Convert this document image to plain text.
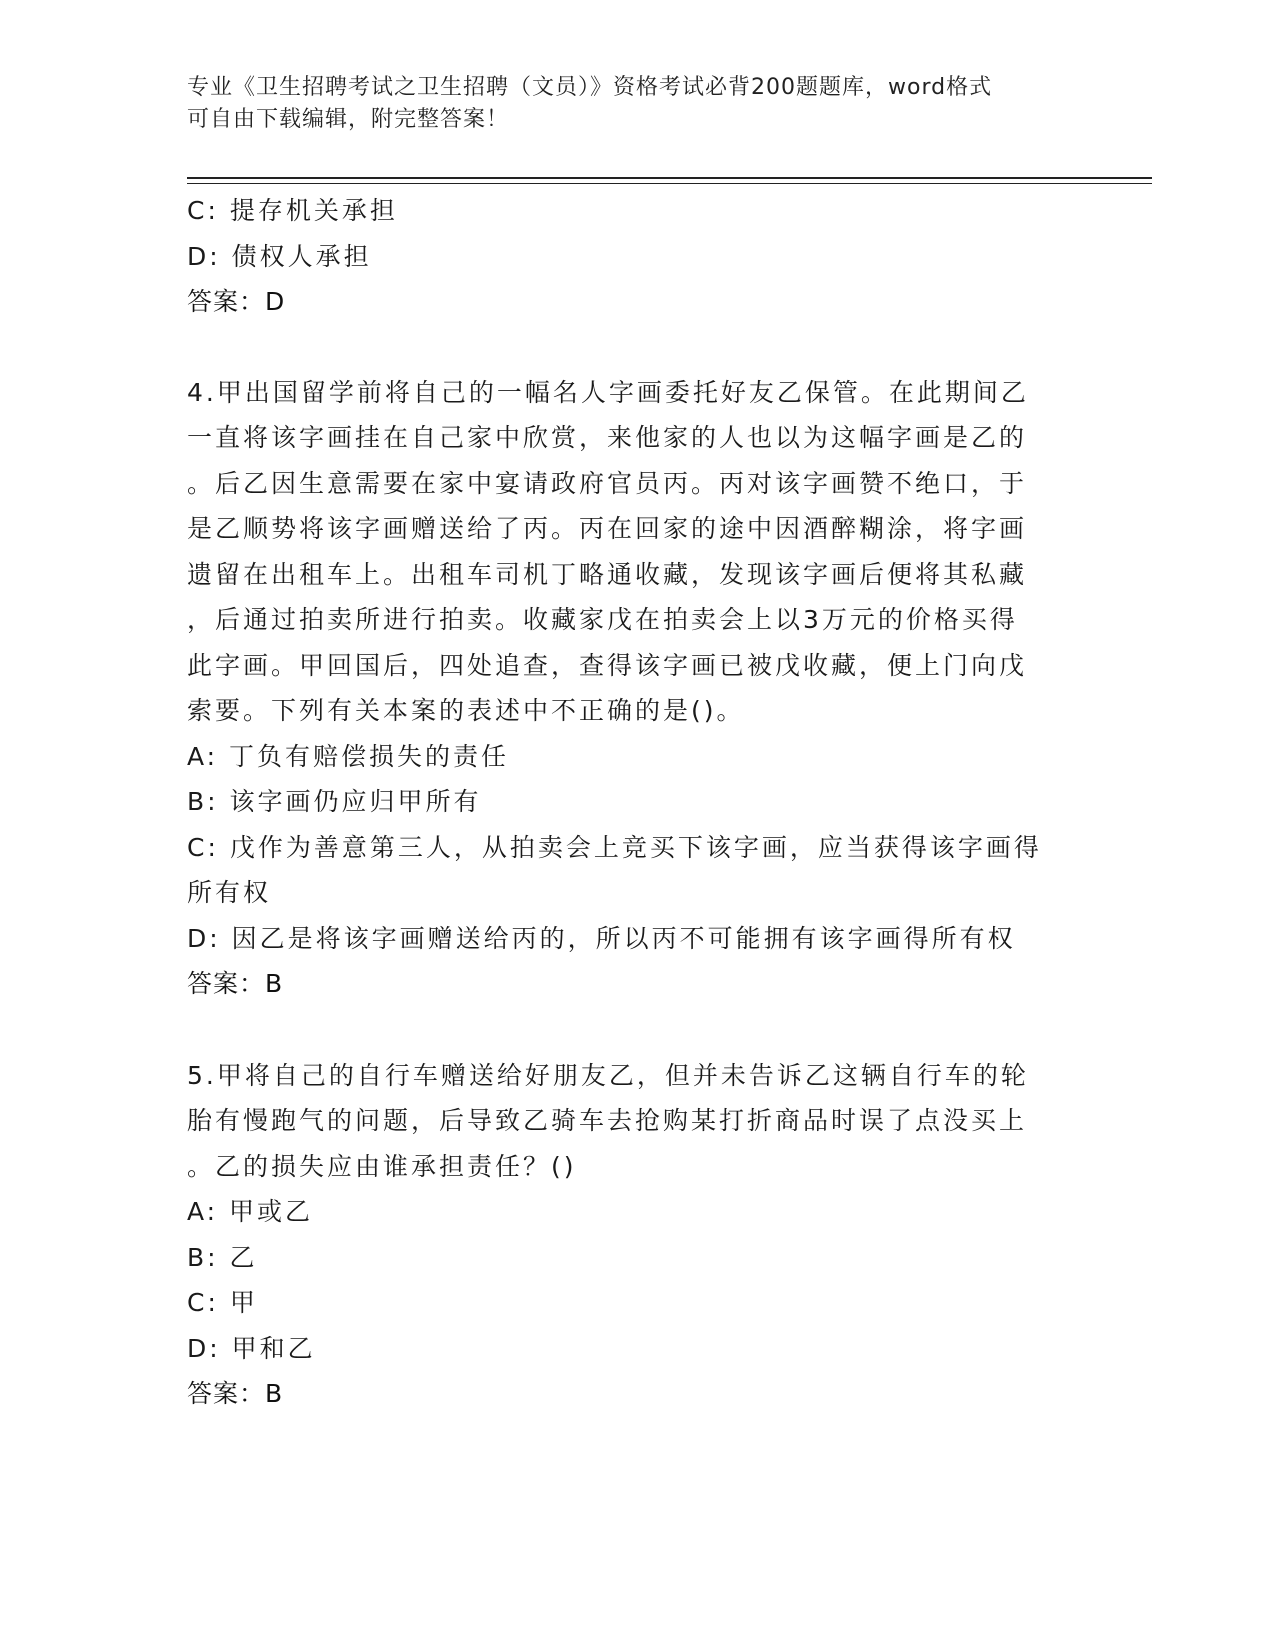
专业《卫生招聘考试之卫生招聘（文员）》资格考试必背200题题库，word格式
可自由下载编辑，附完整答案！
C: 提存机关承担
D: 债权人承担
答案：D
4.甲出国留学前将自己的一幅名人字画委托好友乙保管。在此期间乙
一直将该字画挂在自己家中欣赏，来他家的人也以为这幅字画是乙的
。后乙因生意需要在家中宴请政府官员丙。丙对该字画赞不绝口，于
是乙顺势将该字画赠送给了丙。丙在回家的途中因酒醉糊涂，将字画
遗留在出租车上。出租车司机丁略通收藏，发现该字画后便将其私藏
，后通过拍卖所进行拍卖。收藏家戊在拍卖会上以3万元的价格买得
此字画。甲回国后，四处追查，查得该字画已被戊收藏，便上门向戊
索要。下列有关本案的表述中不正确的是()。
A: 丁负有赔偿损失的责任
B: 该字画仍应归甲所有
C: 戊作为善意第三人，从拍卖会上竞买下该字画，应当获得该字画得
所有权
D: 因乙是将该字画赠送给丙的，所以丙不可能拥有该字画得所有权
答案：B
5.甲将自己的自行车赠送给好朋友乙，但并未告诉乙这辆自行车的轮
胎有慢跑气的问题，后导致乙骑车去抢购某打折商品时误了点没买上
。乙的损失应由谁承担责任？()
A: 甲或乙
B: 乙
C: 甲
D: 甲和乙
答案：B
